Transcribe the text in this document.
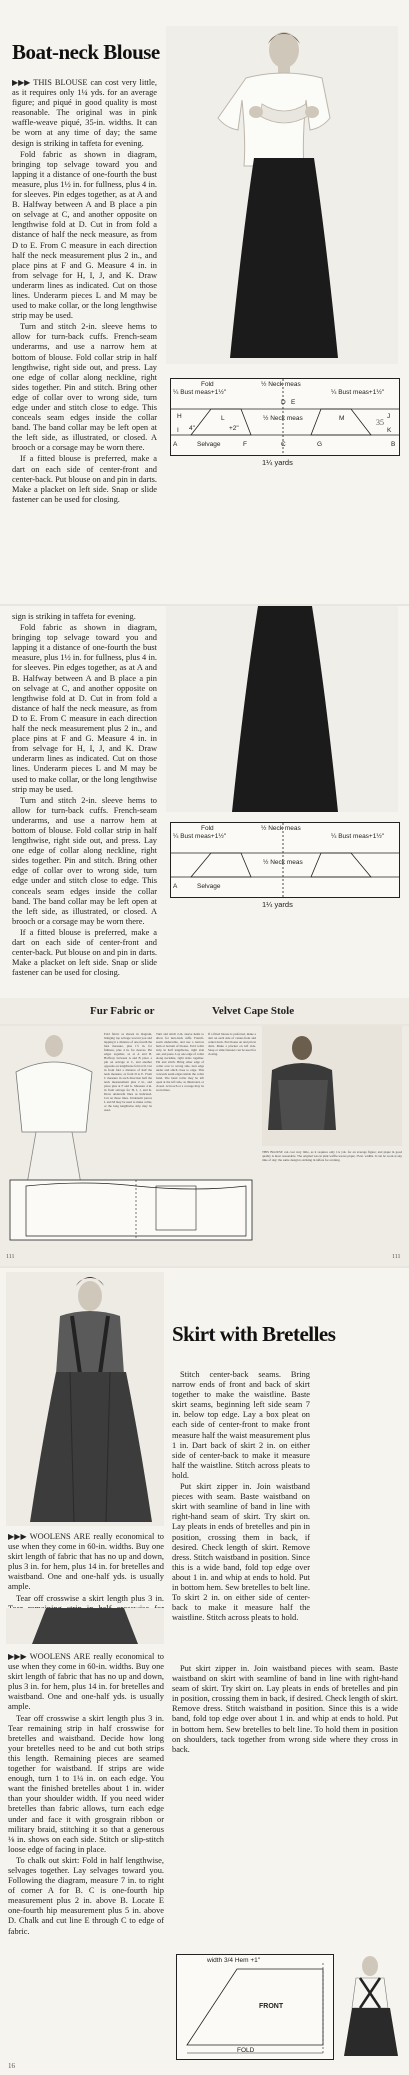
Boat-neck Blouse

▶▶▶ THIS BLOUSE can cost very little, as it requires only 1¼ yds. for an average figure; and piqué in good quality is most reasonable. The original was in pink waffle-weave piqué, 35-in. widths. It can be worn at any time of day; the same design is striking in taffeta for evening.

Fold fabric as shown in diagram, bringing top selvage toward you and lapping it a distance of one-fourth the bust measure, plus 1½ in. for fullness, plus 4 in. for sleeves. Pin edges together, as at A and B. Halfway between A and B place a pin on selvage at C, and another opposite on lengthwise fold at D. Cut in from fold a distance of half the neck measure, as from D to E. From C measure in each direction half the neck measurement plus 2 in., and place pins at F and G. Measure 4 in. in from selvage for H, I, J, and K. Draw underarm lines as indicated. Cut on those lines. Underarm pieces L and M may be used to make collar, or the long lengthwise strip may be used.

Turn and stitch 2-in. sleeve hems to allow for turn-back cuffs. French-seam underarms, and use a narrow hem at bottom of blouse. Fold collar strip in half lengthwise, right side out, and press. Lay one edge of collar along neckline, right sides together. Pin and stitch. Bring other edge of collar over to wrong side, turn edge under and stitch close to edge. This conceals seam edges inside the collar band. The band collar may be left open at the left side, as illustrated, or closed. A brooch or a corsage may be worn there.

If a fitted blouse is preferred, make a dart on each side of center-front and center-back. Put blouse on and pin in darts. Make a placket on left side. Snap or slide fastener can be used for closing.

Fold	½ Neck meas
¼ Bust meas+1½"	¼ Bust meas+1½"
½ Neck meas
+2"
4"
Selvage
A	B
C
D E
F	G
H
I
J
K
L	M
1¼ yards
35

sign is striking in taffeta for evening.

Fold fabric as shown in diagram, bringing top selvage toward you and lapping it a distance of one-fourth the bust measure, plus 1½ in. for fullness, plus 4 in. for sleeves. Pin edges together, as at A and B. Halfway between A and B place a pin on selvage at C, and another opposite on lengthwise fold at D. Cut in from fold a distance of half the neck measure, as from D to E. From C measure in each direction half the neck measurement plus 2 in., and place pins at F and G. Measure 4 in. in from selvage for H, I, J, and K. Draw underarm lines as indicated. Cut on those lines. Underarm pieces L and M may be used to make collar, or the long lengthwise strip may be used.

Turn and stitch 2-in. sleeve hems to allow for turn-back cuffs. French-seam underarms, and use a narrow hem at bottom of blouse. Fold collar strip in half lengthwise, right side out, and press. Lay one edge of collar along neckline, right sides together. Pin and stitch. Bring other edge of collar over to wrong side, turn edge under and stitch close to edge. This conceals seam edges inside the collar band. The band collar may be left open at the left side, as illustrated, or closed. A brooch or a corsage may be worn there.

If a fitted blouse is preferred, make a dart on each side of center-front and center-back. Put blouse on and pin in darts. Make a placket on left side. Snap or slide fastener can be used for closing.

Fold	½ Neck meas
¼ Bust meas+1½"	¼ Bust meas+1½"
½ Neck meas
Selvage
A
1¼ yards
Fur Fabric or	Velvet Cape Stole
Fold fabric as shown in diagram, bringing top selvage toward you and lapping it a distance of one-fourth the bust measure, plus 1½ in. for fullness, plus 4 in. for sleeves. Pin edges together, as at A and B. Halfway between A and B place a pin on selvage at C, and another opposite on lengthwise fold at D. Cut in from fold a distance of half the neck measure, as from D to E. From C measure in each direction half the neck measurement plus 2 in., and place pins at F and G. Measure 4 in. in from selvage for H, I, J, and K. Draw underarm lines as indicated. Cut on those lines. Underarm pieces L and M may be used to make collar, or the long lengthwise strip may be used.
Turn and stitch 2-in. sleeve hems to allow for turn-back cuffs. French-seam underarms, and use a narrow hem at bottom of blouse. Fold collar strip in half lengthwise, right side out, and press. Lay one edge of collar along neckline, right sides together. Pin and stitch. Bring other edge of collar over to wrong side, turn edge under and stitch close to edge. This conceals seam edges inside the collar band. The band collar may be left open at the left side, as illustrated, or closed. A brooch or a corsage may be worn there.
If a fitted blouse is preferred, make a dart on each side of center-front and center-back. Put blouse on and pin in darts. Make a placket on left side. Snap or slide fastener can be used for closing.
THIS BLOUSE can cost very little, as it requires only 1¼ yds. for an average figure; and piqué in good quality is most reasonable. The original was in pink waffle-weave piqué, 35-in. widths. It can be worn at any time of day; the same design is striking in taffeta for evening.
111	111
Skirt with Bretelles

Stitch center-back seams. Bring narrow ends of front and back of skirt together to make the waistline. Baste skirt seams, beginning left side seam 7 in. below top edge. Lay a box pleat on each side of center-front to make front measure half the waist measurement plus 1 in. Dart back of skirt 2 in. on either side of center-back to make it measure half the waistline. Stitch across pleats to hold.

Put skirt zipper in. Join waistband pieces with seam. Baste waistband on skirt with seamline of band in line with right-hand seam of skirt. Try skirt on. Lay pleats in ends of bretelles and pin in position, crossing them in back, if desired. Check length of skirt. Remove dress. Stitch waistband in position. Since this is a wide band, fold top edge over about 1 in. and whip at ends to hold. Put in bottom hem. Sew bretelles to belt line. To skirt 2 in. on either side of center-back to make it measure half the waistline. Stitch across pleats to hold.

▶▶▶ WOOLENS ARE really economical to use when they come in 60-in. widths. Buy one skirt length of fabric that has no up and down, plus 3 in. for hem, plus 14 in. for bretelles and waistband. One and one-half yds. is usually ample.

Tear off crosswise a skirt length plus 3 in.

▶▶▶ WOOLENS ARE really economical to use when they come in 60-in. widths. Buy one skirt length of fabric that has no up and down, plus 3 in. for hem, plus 14 in. for bretelles and waistband. One and one-half yds. is usually ample.

Tear off crosswise a skirt length plus 3 in. Tear remaining strip in half crosswise for bretelles and waistband. Decide how long your bretelles need to be and cut both strips this length. Remaining pieces are seamed together for waistband. If strips are wide enough, turn 1 to 1¼ in. on each edge. You want the finished bretelles about 1 in. wider than your shoulder width. If you need wider bretelles than fabric allows, turn each edge under and face it with grosgrain ribbon or military braid, stitching it so that a generous ⅛ in. shows on each side. Stitch or slip-stitch loose edge of facing in place.

To chalk out skirt: Fold in half lengthwise, selvages together. Lay selvages toward you. Following the diagram, measure 7 in. to right of corner A for B. C is one-fourth hip measurement plus 2 in. above B. Locate E one-fourth hip measurement plus 5 in. above D. Chalk and cut line E through C to edge of fabric.

Put skirt zipper in. Join waistband pieces with seam. Baste waistband on skirt with seamline of band in line with right-hand seam of skirt. Try skirt on. Lay pleats in ends of bretelles and pin in position, crossing them in back, if desired. Check length of skirt. Remove dress. Stitch waistband in position. Since this is a wide band, fold top edge over about 1 in. and whip at ends to hold. Put in bottom hem. Sew bretelles to belt line. To hold them in position on shoulders, tack together from wrong side where they cross in back.

width 3/4 Hem +1"
FRONT
FOLD
16
